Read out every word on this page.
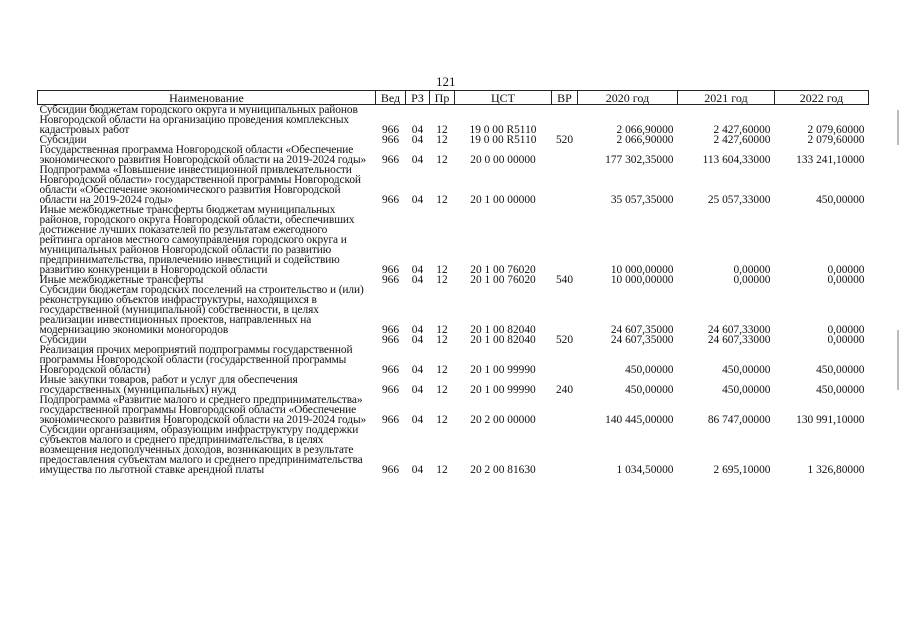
121
Наименование	Вед	РЗ	Пр	ЦСТ	ВР	2020 год	2021 год	2022 год
Субсидии бюджетам городского округа и муниципальных районов Новгородской области на организацию проведения комплексных кадастровых работ	966	04	12	19 0 00 R5110		2 066,90000	2 427,60000	2 079,60000
Субсидии	966	04	12	19 0 00 R5110	520	2 066,90000	2 427,60000	2 079,60000
Государственная программа Новгородской области «Обеспечение экономического развития Новгородской области на 2019-2024 годы»	966	04	12	20 0 00 00000		177 302,35000	113 604,33000	133 241,10000
Подпрограмма «Повышение инвестиционной привлекательности Новгородской области» государственной программы Новгородской области «Обеспечение экономического развития Новгородской области на 2019-2024 годы»	966	04	12	20 1 00 00000		35 057,35000	25 057,33000	450,00000
Иные межбюджетные трансферты бюджетам муниципальных районов, городского округа Новгородской области, обеспечивших достижение лучших показателей по результатам ежегодного рейтинга органов местного самоуправления городского округа и муниципальных районов Новгородской области по развитию предпринимательства, привлечению инвестиций и содействию развитию конкуренции в Новгородской области	966	04	12	20 1 00 76020		10 000,00000	0,00000	0,00000
Иные межбюджетные трансферты	966	04	12	20 1 00 76020	540	10 000,00000	0,00000	0,00000
Субсидии бюджетам городских поселений на строительство и (или) реконструкцию объектов инфраструктуры, находящихся в государственной (муниципальной) собственности, в целях реализации инвестиционных проектов, направленных на модернизацию экономики моногородов	966	04	12	20 1 00 82040		24 607,35000	24 607,33000	0,00000
Субсидии	966	04	12	20 1 00 82040	520	24 607,35000	24 607,33000	0,00000
Реализация прочих мероприятий подпрограммы государственной программы Новгородской области (государственной программы Новгородской области)	966	04	12	20 1 00 99990		450,00000	450,00000	450,00000
Иные закупки товаров, работ и услуг для обеспечения государственных (муниципальных) нужд	966	04	12	20 1 00 99990	240	450,00000	450,00000	450,00000
Подпрограмма «Развитие малого и среднего предпринимательства» государственной программы Новгородской области «Обеспечение экономического развития Новгородской области на 2019-2024 годы»	966	04	12	20 2 00 00000		140 445,00000	86 747,00000	130 991,10000
Субсидии организациям, образующим инфраструктуру поддержки субъектов малого и среднего предпринимательства, в целях возмещения недополученных доходов, возникающих в результате предоставления субъектам малого и среднего предпринимательства имущества по льготной ставке арендной платы	966	04	12	20 2 00 81630		1 034,50000	2 695,10000	1 326,80000
